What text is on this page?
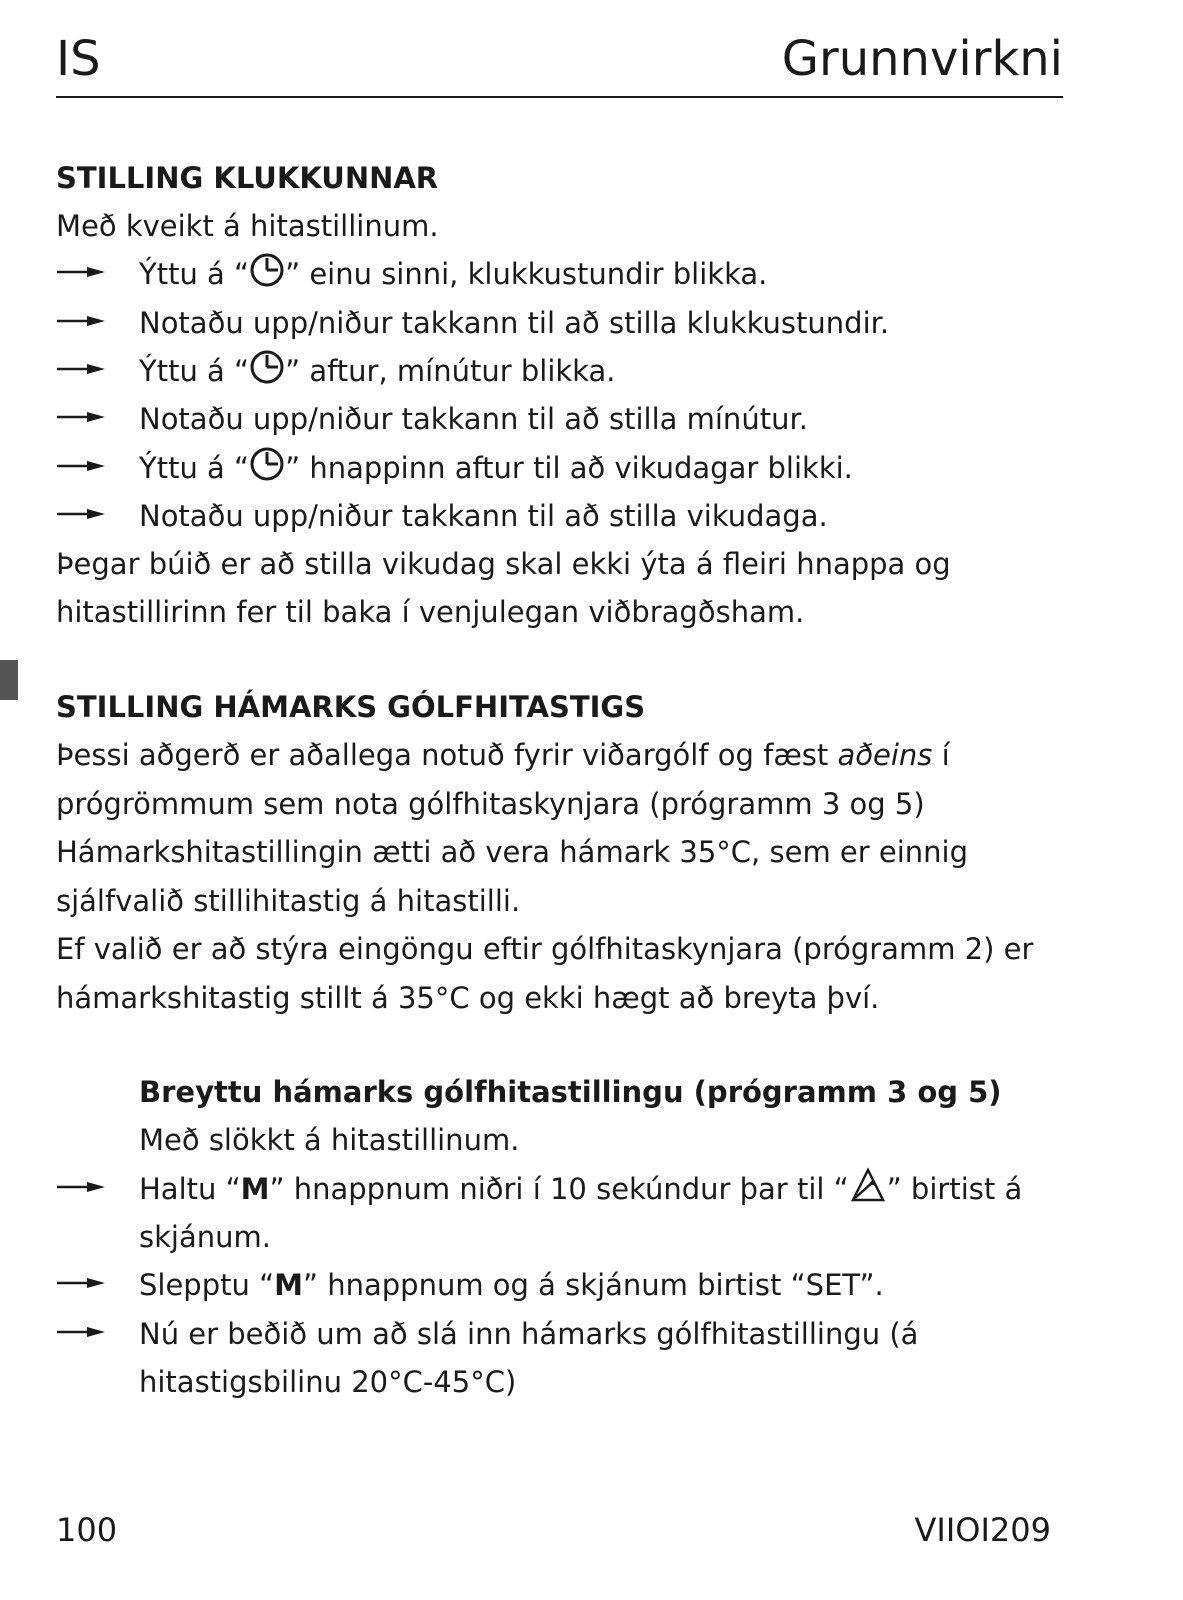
IS	Grunnvirkni
STILLING KLUKKUNNAR
Með kveikt á hitastillinum.
Ýttu á “ ” einu sinni, klukkustundir blikka.
Notaðu upp/niður takkann til að stilla klukkustundir.
Ýttu á “ ” aftur, mínútur blikka.
Notaðu upp/niður takkann til að stilla mínútur.
Ýttu á “ ” hnappinn aftur til að vikudagar blikki.
Notaðu upp/niður takkann til að stilla vikudaga.
Þegar búið er að stilla vikudag skal ekki ýta á fleiri hnappa og
hitastillirinn fer til baka í venjulegan viðbragðsham.
STILLING HÁMARKS GÓLFHITASTIGS
Þessi aðgerð er aðallega notuð fyrir viðargólf og fæst aðeins í
prógrömmum sem nota gólfhitaskynjara (prógramm 3 og 5)
Hámarkshitastillingin ætti að vera hámark 35°C, sem er einnig
sjálfvalið stillihitastig á hitastilli.
Ef valið er að stýra eingöngu eftir gólfhitaskynjara (prógramm 2) er
hámarkshitastig stillt á 35°C og ekki hægt að breyta því.
Breyttu hámarks gólfhitastillingu (prógramm 3 og 5)
Með slökkt á hitastillinum.
Haltu “M” hnappnum niðri í 10 sekúndur þar til “ ” birtist á
skjánum.
Slepptu “M” hnappnum og á skjánum birtist “SET”.
Nú er beðið um að slá inn hámarks gólfhitastillingu (á
hitastigsbilinu 20°C-45°C)
100	VIIOI209
